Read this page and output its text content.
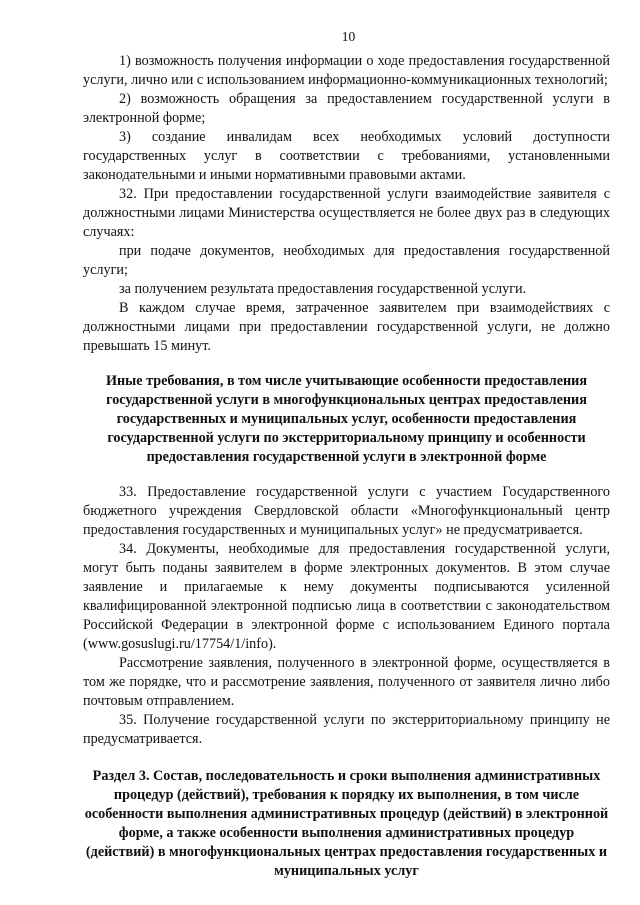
10

1) возможность получения информации о ходе предоставления государственной услуги, лично или с использованием информационно-коммуникационных технологий;

2) возможность обращения за предоставлением государственной услуги в электронной форме;

3) создание инвалидам всех необходимых условий доступности государственных услуг в соответствии с требованиями, установленными законодательными и иными нормативными правовыми актами.

32. При предоставлении государственной услуги взаимодействие заявителя с должностными лицами Министерства осуществляется не более двух раз в следующих случаях:

при подаче документов, необходимых для предоставления государственной услуги;

за получением результата предоставления государственной услуги.

В каждом случае время, затраченное заявителем при взаимодействиях с должностными лицами при предоставлении государственной услуги, не должно превышать 15 минут.

Иные требования, в том числе учитывающие особенности предоставления государственной услуги в многофункциональных центрах предоставления государственных и муниципальных услуг, особенности предоставления государственной услуги по экстерриториальному принципу и особенности предоставления государственной услуги в электронной форме

33. Предоставление государственной услуги с участием Государственного бюджетного учреждения Свердловской области «Многофункциональный центр предоставления государственных и муниципальных услуг» не предусматривается.

34. Документы, необходимые для предоставления государственной услуги, могут быть поданы заявителем в форме электронных документов. В этом случае заявление и прилагаемые к нему документы подписываются усиленной квалифицированной электронной подписью лица в соответствии с законодательством Российской Федерации в электронной форме с использованием Единого портала (www.gosuslugi.ru/17754/1/info).

Рассмотрение заявления, полученного в электронной форме, осуществляется в том же порядке, что и рассмотрение заявления, полученного от заявителя лично либо почтовым отправлением.

35. Получение государственной услуги по экстерриториальному принципу не предусматривается.

Раздел 3. Состав, последовательность и сроки выполнения административных процедур (действий), требования к порядку их выполнения, в том числе особенности выполнения административных процедур (действий) в электронной форме, а также особенности выполнения административных процедур (действий) в многофункциональных центрах предоставления государственных и муниципальных услуг
